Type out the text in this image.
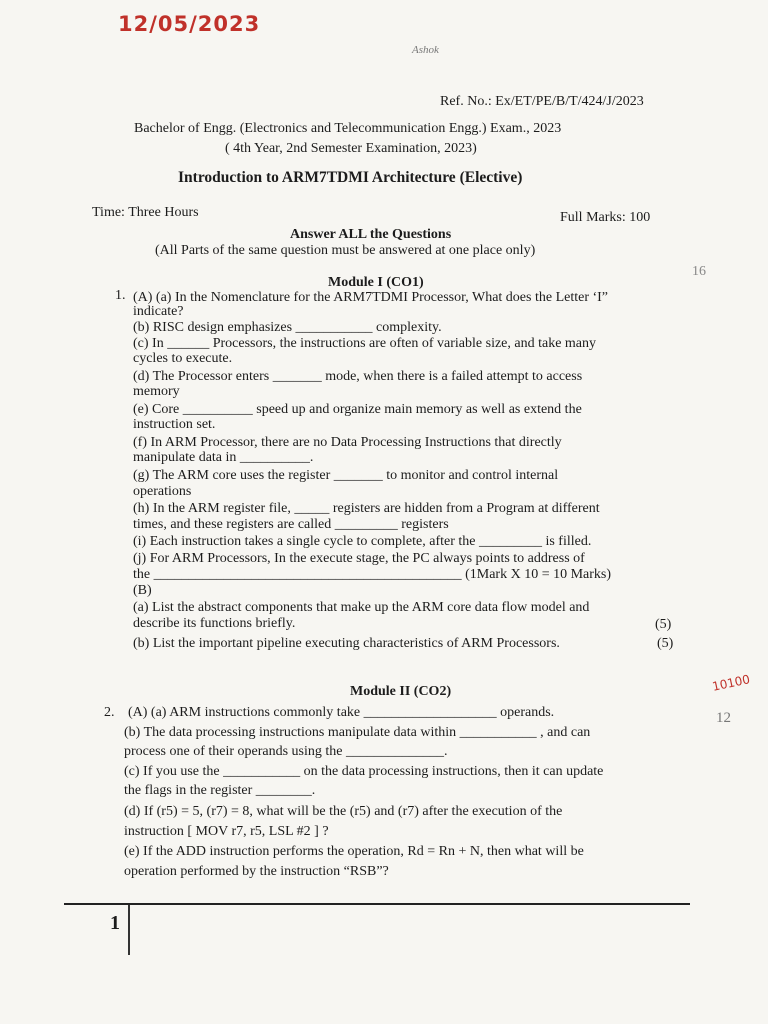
12/05/2023
Ashok
16
10100
12
Ref. No.: Ex/ET/PE/B/T/424/J/2023
Bachelor of Engg. (Electronics and Telecommunication Engg.) Exam., 2023
( 4th Year, 2nd Semester Examination, 2023)
Introduction to ARM7TDMI Architecture (Elective)
Time: Three Hours	Full Marks: 100
Answer ALL the Questions
(All Parts of the same question must be answered at one place only)
Module I (CO1)
1. (A) (a) In the Nomenclature for the ARM7TDMI Processor, What does the Letter ‘I”
indicate?
(b) RISC design emphasizes ___________ complexity.
(c) In ______ Processors, the instructions are often of variable size, and take many
cycles to execute.
(d) The Processor enters _______ mode, when there is a failed attempt to access
memory
(e) Core __________ speed up and organize main memory as well as extend the
instruction set.
(f) In ARM Processor, there are no Data Processing Instructions that directly
manipulate data in __________.
(g) The ARM core uses the register _______ to monitor and control internal
operations
(h) In the ARM register file, _____ registers are hidden from a Program at different
times, and these registers are called _________ registers
(i) Each instruction takes a single cycle to complete, after the _________ is filled.
(j) For ARM Processors, In the execute stage, the PC always points to address of
the ____________________________________________ (1Mark X 10 = 10 Marks)
(B)
(a) List the abstract components that make up the ARM core data flow model and
describe its functions briefly.
(b) List the important pipeline executing characteristics of ARM Processors.
(5)
(5)
Module II (CO2)
2. (A) (a) ARM instructions commonly take ___________________ operands.
(b) The data processing instructions manipulate data within ___________ , and can
process one of their operands using the ______________.
(c) If you use the ___________ on the data processing instructions, then it can update
the flags in the register ________.
(d) If (r5) = 5, (r7) = 8, what will be the (r5) and (r7) after the execution of the
instruction [ MOV r7, r5, LSL #2 ] ?
(e) If the ADD instruction performs the operation, Rd = Rn + N, then what will be
operation performed by the instruction “RSB”?
1
